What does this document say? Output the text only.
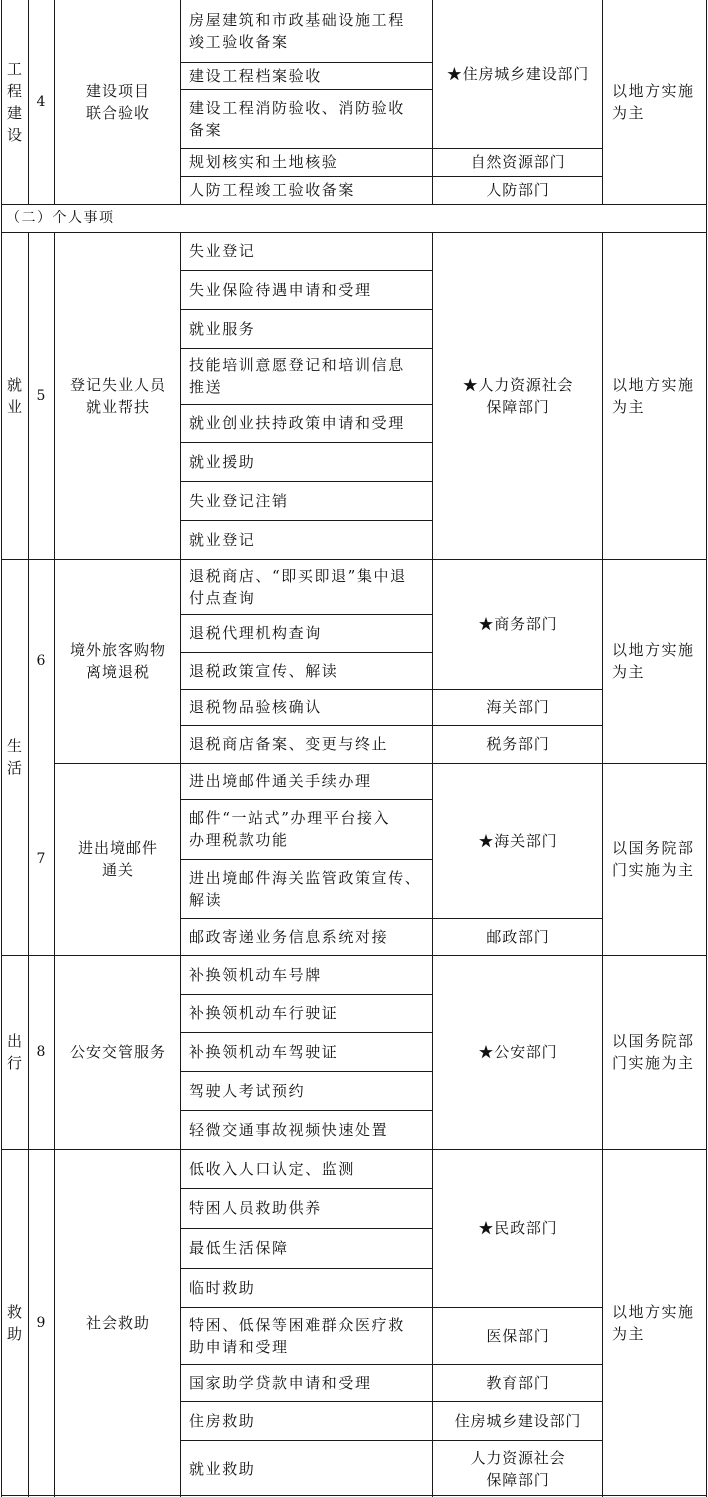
房屋建筑和市政基础设施工程
竣工验收备案
建设工程档案验收
建设工程消防验收、消防验收
备案
规划核实和土地核验
人防工程竣工验收备案
★住房城乡建设部门
自然资源部门
人防部门
建设项目
联合验收
4
以地方实施
为主
失业登记
失业保险待遇申请和受理
就业服务
技能培训意愿登记和培训信息
推送
就业创业扶持政策申请和受理
就业援助
失业登记注销
就业登记
★人力资源社会
保障部门
登记失业人员
就业帮扶
5
以地方实施
为主
退税商店、“即买即退”集中退
付点查询
退税代理机构查询
退税政策宣传、解读
退税物品验核确认
退税商店备案、变更与终止
★商务部门
海关部门
税务部门
境外旅客购物
离境退税
6
以地方实施
为主
进出境邮件通关手续办理
邮件“一站式”办理平台接入
办理税款功能
进出境邮件海关监管政策宣传、
解读
邮政寄递业务信息系统对接
★海关部门
邮政部门
进出境邮件
通关
7
以国务院部
门实施为主
补换领机动车号牌
补换领机动车行驶证
补换领机动车驾驶证
驾驶人考试预约
轻微交通事故视频快速处置
★公安部门
公安交管服务
8
以国务院部
门实施为主
低收入人口认定、监测
特困人员救助供养
最低生活保障
临时救助
特困、低保等困难群众医疗救
助申请和受理
国家助学贷款申请和受理
住房救助
就业救助
★民政部门
医保部门
教育部门
住房城乡建设部门
人力资源社会
保障部门
社会救助
9
以地方实施
为主
工
程
建
设
就
业
生
活
出
行
救
助
（二）个人事项
